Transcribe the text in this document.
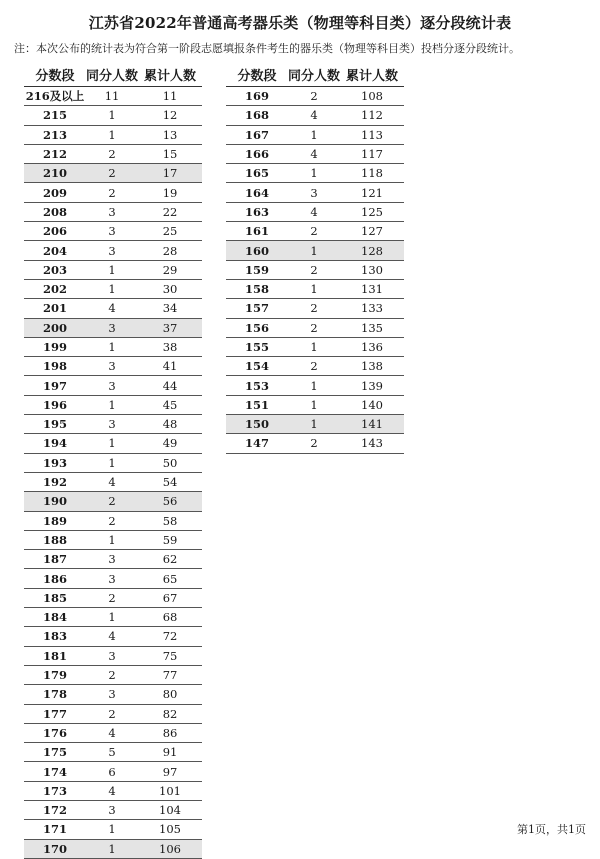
江苏省2022年普通高考器乐类（物理等科目类）逐分段统计表
注：本次公布的统计表为符合第一阶段志愿填报条件考生的器乐类（物理等科目类）投档分逐分段统计。
分数段	同分人数	累计人数
216及以上	11	11
215	1	12
213	1	13
212	2	15
210	2	17
209	2	19
208	3	22
206	3	25
204	3	28
203	1	29
202	1	30
201	4	34
200	3	37
199	1	38
198	3	41
197	3	44
196	1	45
195	3	48
194	1	49
193	1	50
192	4	54
190	2	56
189	2	58
188	1	59
187	3	62
186	3	65
185	2	67
184	1	68
183	4	72
181	3	75
179	2	77
178	3	80
177	2	82
176	4	86
175	5	91
174	6	97
173	4	101
172	3	104
171	1	105
170	1	106
分数段	同分人数	累计人数
169	2	108
168	4	112
167	1	113
166	4	117
165	1	118
164	3	121
163	4	125
161	2	127
160	1	128
159	2	130
158	1	131
157	2	133
156	2	135
155	1	136
154	2	138
153	1	139
151	1	140
150	1	141
147	2	143
第1页，共1页
